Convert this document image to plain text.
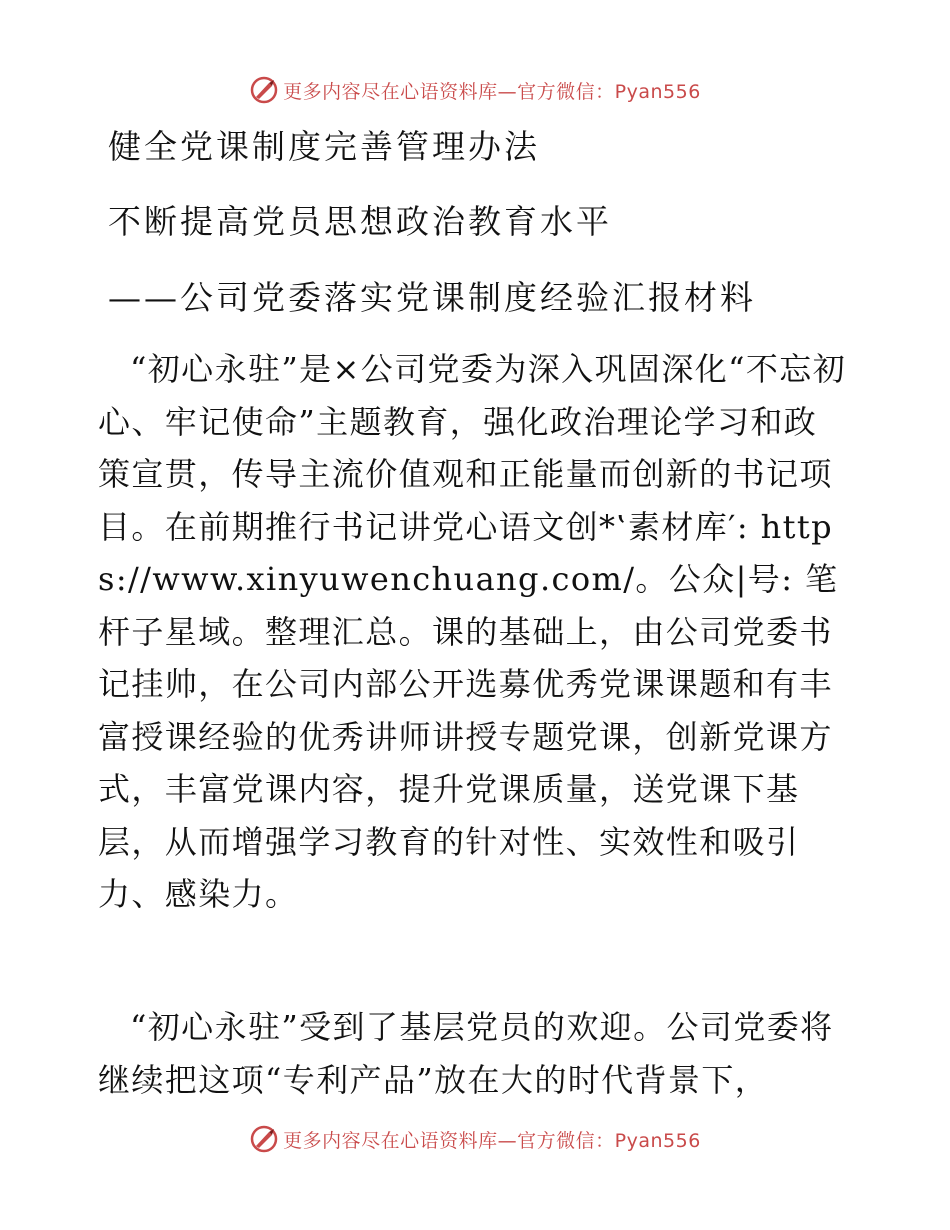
更多内容尽在心语资料库—官方微信：Pyan556
健全党课制度完善管理办法
不断提高党员思想政治教育水平
——公司党委落实党课制度经验汇报材料

“初心永驻”是×公司党委为深入巩固深化“不忘初心、牢记使命”主题教育，强化政治理论学习和政策宣贯，传导主流价值观和正能量而创新的书记项目。在前期推行书记讲党心语文创*‛素材库′: https://www.xinyuwenchuang.com/。公众|号: 笔杆子星域。整理汇总。课的基础上，由公司党委书记挂帅，在公司内部公开选募优秀党课课题和有丰富授课经验的优秀讲师讲授专题党课，创新党课方式，丰富党课内容，提升党课质量，送党课下基层，从而增强学习教育的针对性、实效性和吸引力、感染力。

“初心永驻”受到了基层党员的欢迎。公司党委将继续把这项“专利产品”放在大的时代背景下，

更多内容尽在心语资料库—官方微信：Pyan556
